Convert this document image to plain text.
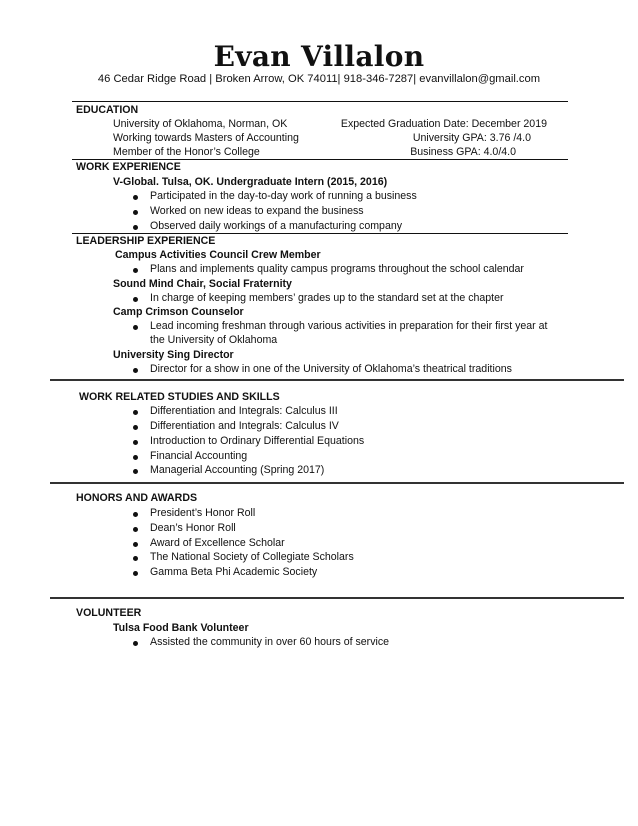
Evan Villalon
46 Cedar Ridge Road | Broken Arrow, OK 74011| 918-346-7287| evanvillalon@gmail.com
EDUCATION
University of Oklahoma, Norman, OK
Working towards Masters of Accounting
Member of the Honor’s College
Expected Graduation Date: December 2019
University GPA: 3.76 /4.0
Business GPA: 4.0/4.0
WORK EXPERIENCE
V-Global. Tulsa, OK. Undergraduate Intern (2015, 2016)
Participated in the day-to-day work of running a business
Worked on new ideas to expand the business
Observed daily workings of a manufacturing company
LEADERSHIP EXPERIENCE
Campus Activities Council Crew Member
Plans and implements quality campus programs throughout the school calendar
Sound Mind Chair, Social Fraternity
In charge of keeping members’ grades up to the standard set at the chapter
Camp Crimson Counselor
Lead incoming freshman through various activities in preparation for their first year at
the University of Oklahoma
University Sing Director
Director for a show in one of the University of Oklahoma’s theatrical traditions
WORK RELATED STUDIES AND SKILLS
Differentiation and Integrals: Calculus III
Differentiation and Integrals: Calculus IV
Introduction to Ordinary Differential Equations
Financial Accounting
Managerial Accounting (Spring 2017)
HONORS AND AWARDS
President’s Honor Roll
Dean’s Honor Roll
Award of Excellence Scholar
The National Society of Collegiate Scholars
Gamma Beta Phi Academic Society
VOLUNTEER
Tulsa Food Bank Volunteer
Assisted the community in over 60 hours of service
